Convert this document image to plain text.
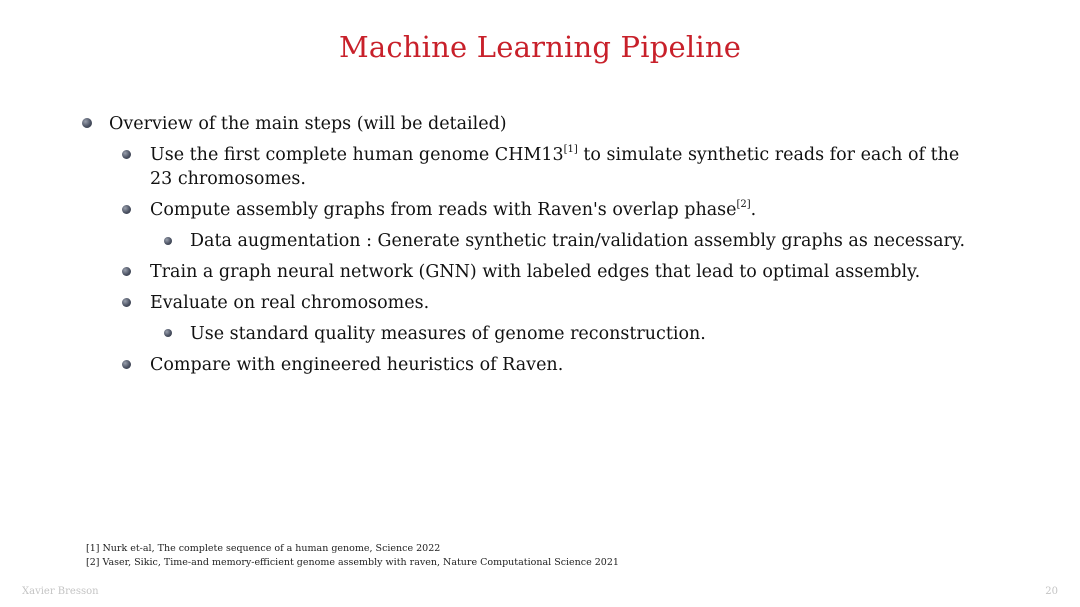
Machine Learning Pipeline
Overview of the main steps (will be detailed)
Use the first complete human genome CHM13[1] to simulate synthetic reads for each of the
23 chromosomes.
Compute assembly graphs from reads with Raven's overlap phase[2].
Data augmentation : Generate synthetic train/validation assembly graphs as necessary.
Train a graph neural network (GNN) with labeled edges that lead to optimal assembly.
Evaluate on real chromosomes.
Use standard quality measures of genome reconstruction.
Compare with engineered heuristics of Raven.
[1] Nurk et-al, The complete sequence of a human genome, Science 2022
[2] Vaser, Sikic, Time-and memory-efficient genome assembly with raven, Nature Computational Science 2021
Xavier Bresson	20
